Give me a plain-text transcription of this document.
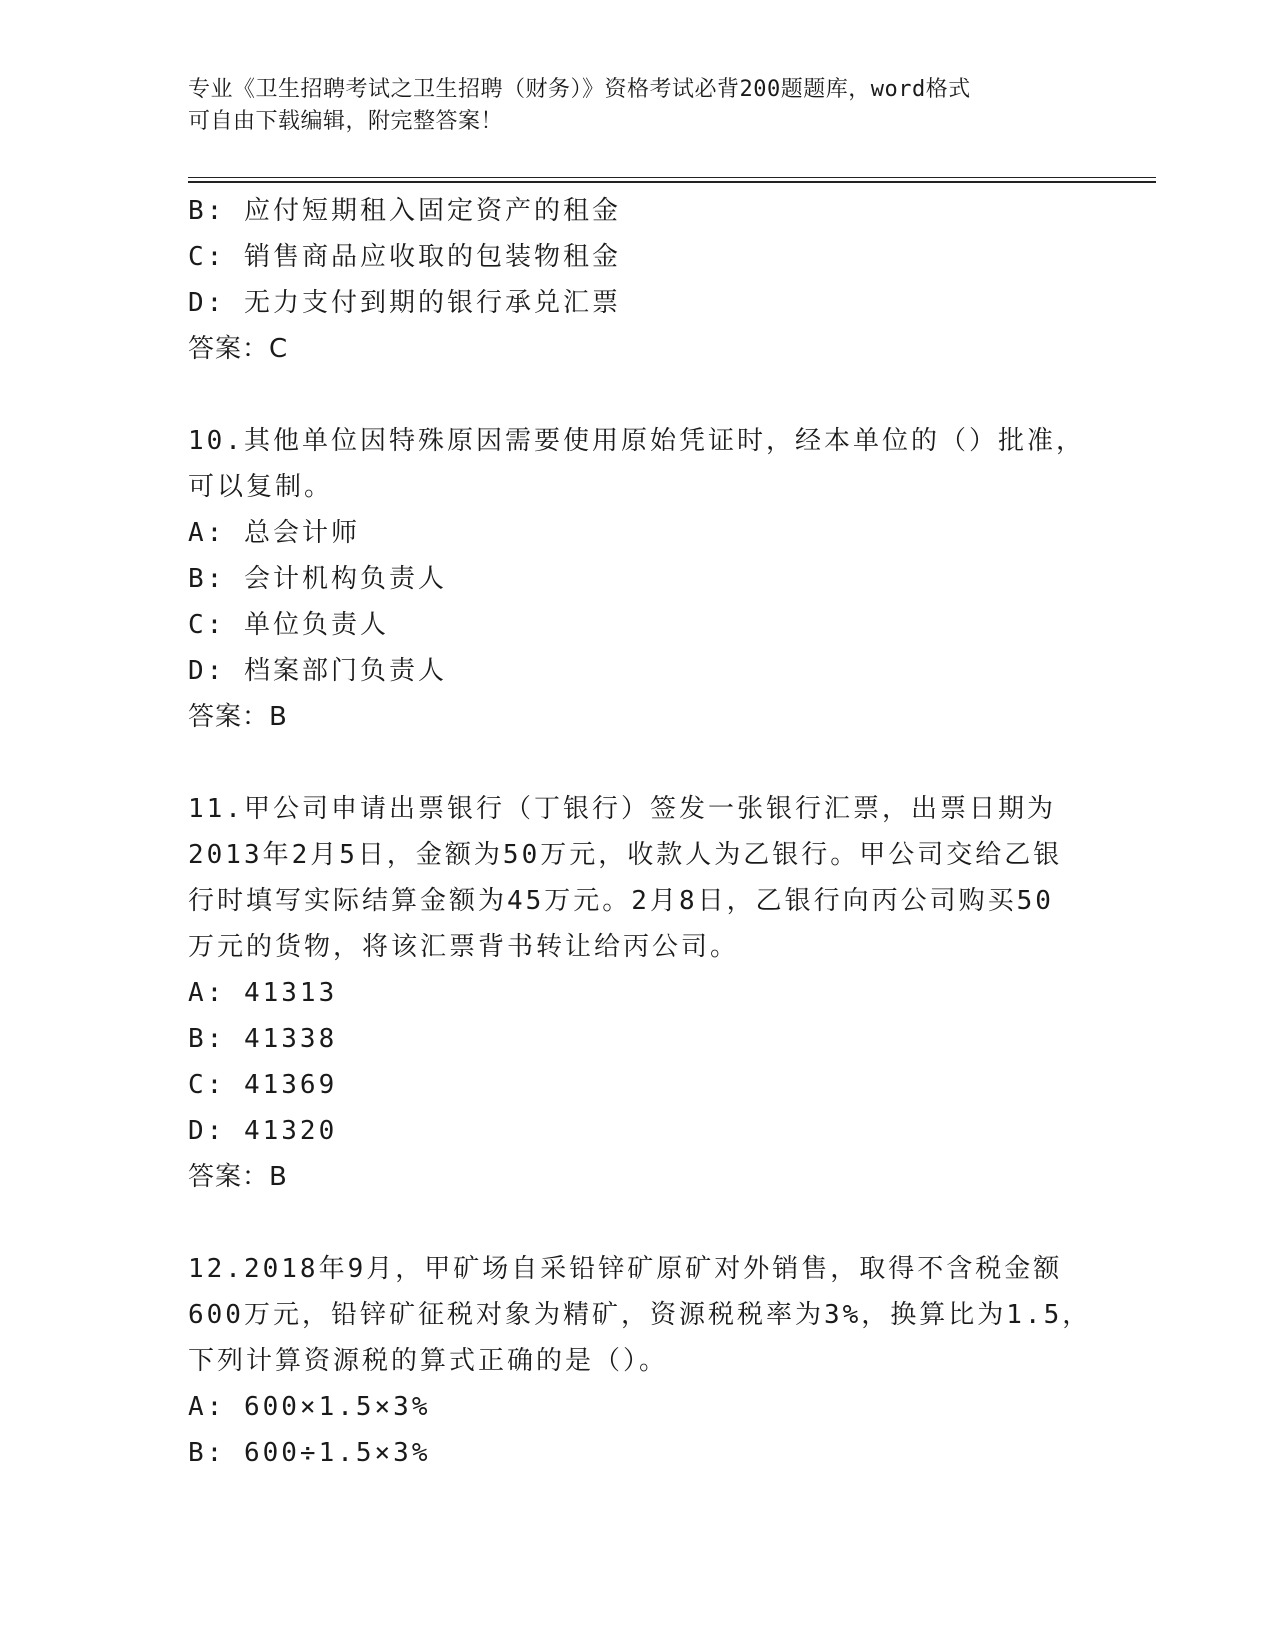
专业《卫生招聘考试之卫生招聘（财务）》资格考试必背200题题库，word格式
可自由下载编辑，附完整答案！
B: 应付短期租入固定资产的租金
C: 销售商品应收取的包装物租金
D: 无力支付到期的银行承兑汇票
答案：C
10.其他单位因特殊原因需要使用原始凭证时，经本单位的（）批准，
可以复制。
A: 总会计师
B: 会计机构负责人
C: 单位负责人
D: 档案部门负责人
答案：B
11.甲公司申请出票银行（丁银行）签发一张银行汇票，出票日期为
2013年2月5日，金额为50万元，收款人为乙银行。甲公司交给乙银
行时填写实际结算金额为45万元。2月8日，乙银行向丙公司购买50
万元的货物，将该汇票背书转让给丙公司。
A: 41313
B: 41338
C: 41369
D: 41320
答案：B
12.2018年9月，甲矿场自采铅锌矿原矿对外销售，取得不含税金额
600万元，铅锌矿征税对象为精矿，资源税税率为3%，换算比为1.5，
下列计算资源税的算式正确的是（）。
A: 600×1.5×3%
B: 600÷1.5×3%
